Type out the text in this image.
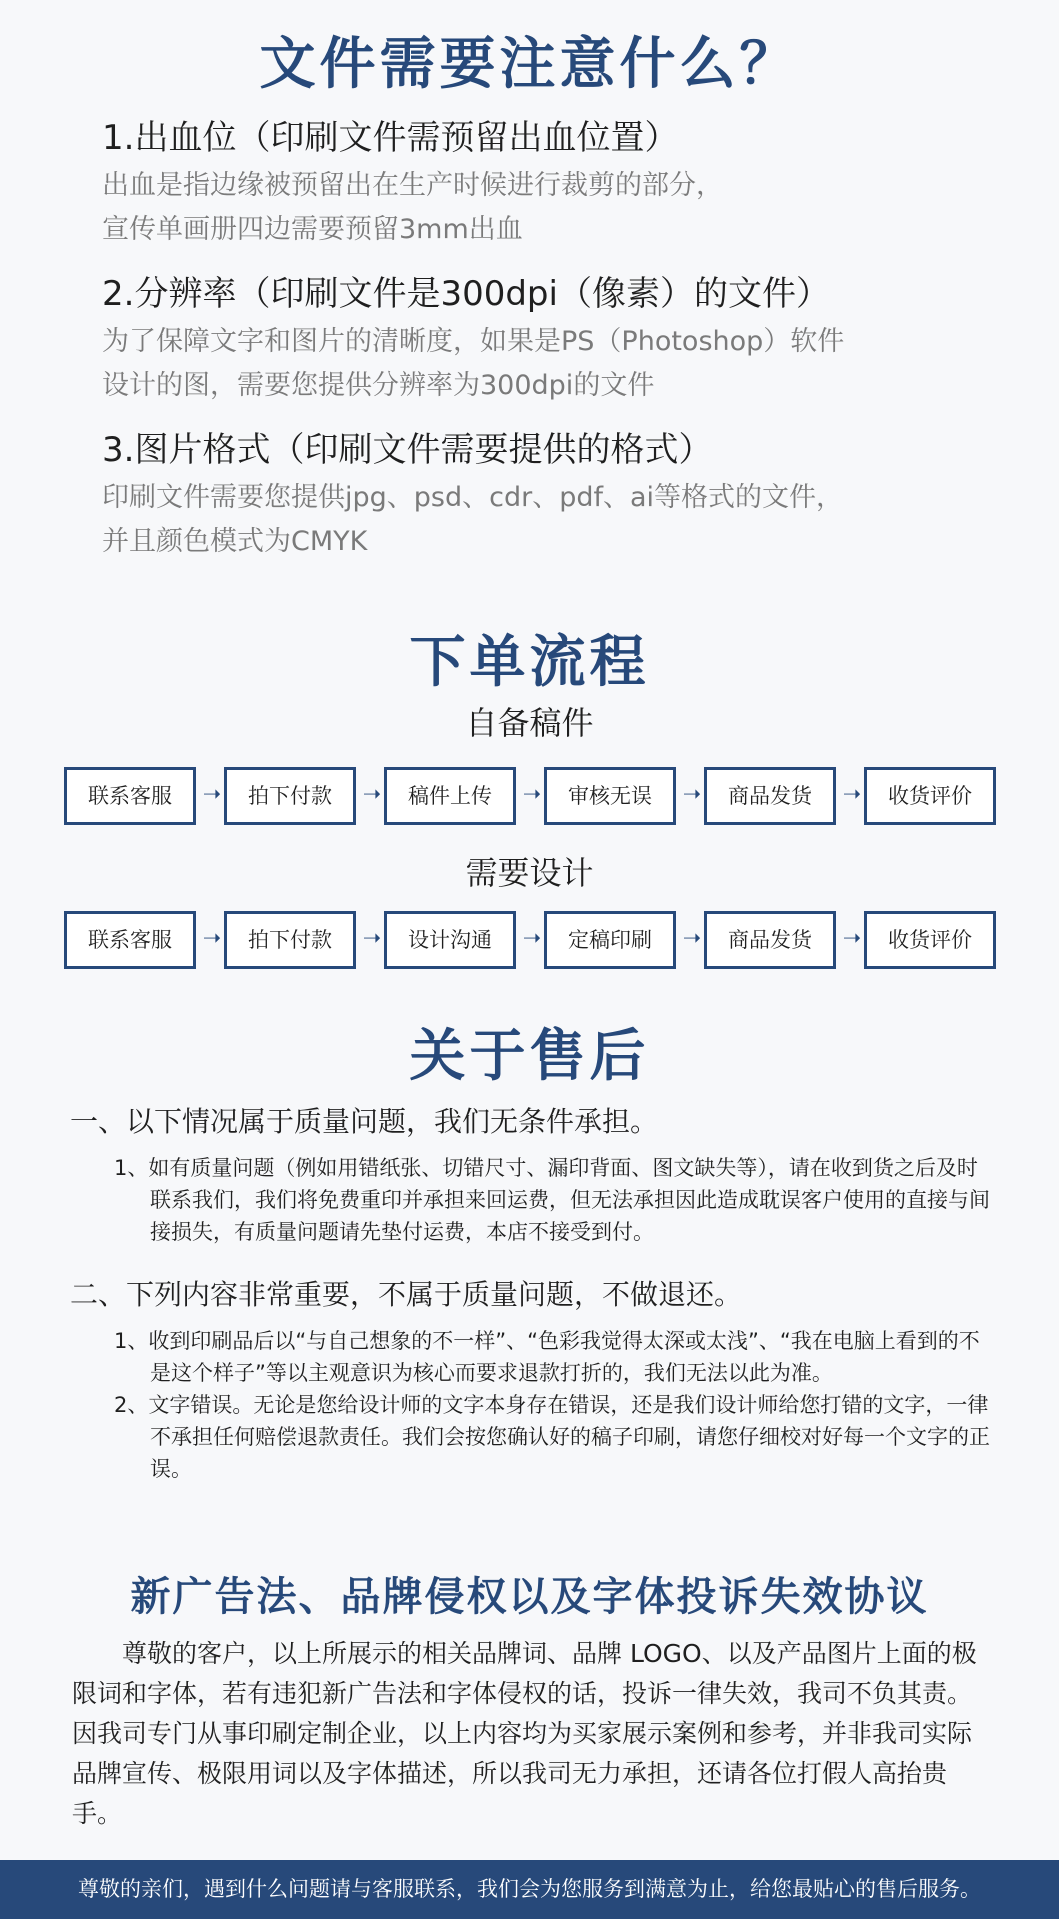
文件需要注意什么？

1.出血位（印刷文件需预留出血位置）

出血是指边缘被预留出在生产时候进行裁剪的部分，

宣传单画册四边需要预留3mm出血

2.分辨率（印刷文件是300dpi（像素）的文件）

为了保障文字和图片的清晰度，如果是PS（Photoshop）软件

设计的图，需要您提供分辨率为300dpi的文件

3.图片格式（印刷文件需要提供的格式）

印刷文件需要您提供jpg、psd、cdr、pdf、ai等格式的文件，

并且颜色模式为CMYK

下单流程
自备稿件
联系客服	➝	拍下付款	➝	稿件上传	➝	审核无误	➝	商品发货	➝	收货评价
需要设计
联系客服	➝	拍下付款	➝	设计沟通	➝	定稿印刷	➝	商品发货	➝	收货评价
关于售后

一、以下情况属于质量问题，我们无条件承担。

1、如有质量问题（例如用错纸张、切错尺寸、漏印背面、图文缺失等），请在收到货之后及时联系我们，我们将免费重印并承担来回运费，但无法承担因此造成耽误客户使用的直接与间接损失，有质量问题请先垫付运费，本店不接受到付。

二、下列内容非常重要，不属于质量问题，不做退还。

1、收到印刷品后以“与自己想象的不一样”、“色彩我觉得太深或太浅”、“我在电脑上看到的不是这个样子”等以主观意识为核心而要求退款打折的，我们无法以此为准。
2、文字错误。无论是您给设计师的文字本身存在错误，还是我们设计师给您打错的文字，一律不承担任何赔偿退款责任。我们会按您确认好的稿子印刷，请您仔细校对好每一个文字的正误。
新广告法、品牌侵权以及字体投诉失效协议

尊敬的客户，以上所展示的相关品牌词、品牌 LOGO、以及产品图片上面的极限词和字体，若有违犯新广告法和字体侵权的话，投诉一律失效，我司不负其责。因我司专门从事印刷定制企业，以上内容均为买家展示案例和参考，并非我司实际品牌宣传、极限用词以及字体描述，所以我司无力承担，还请各位打假人高抬贵手。

尊敬的亲们，遇到什么问题请与客服联系，我们会为您服务到满意为止，给您最贴心的售后服务。
